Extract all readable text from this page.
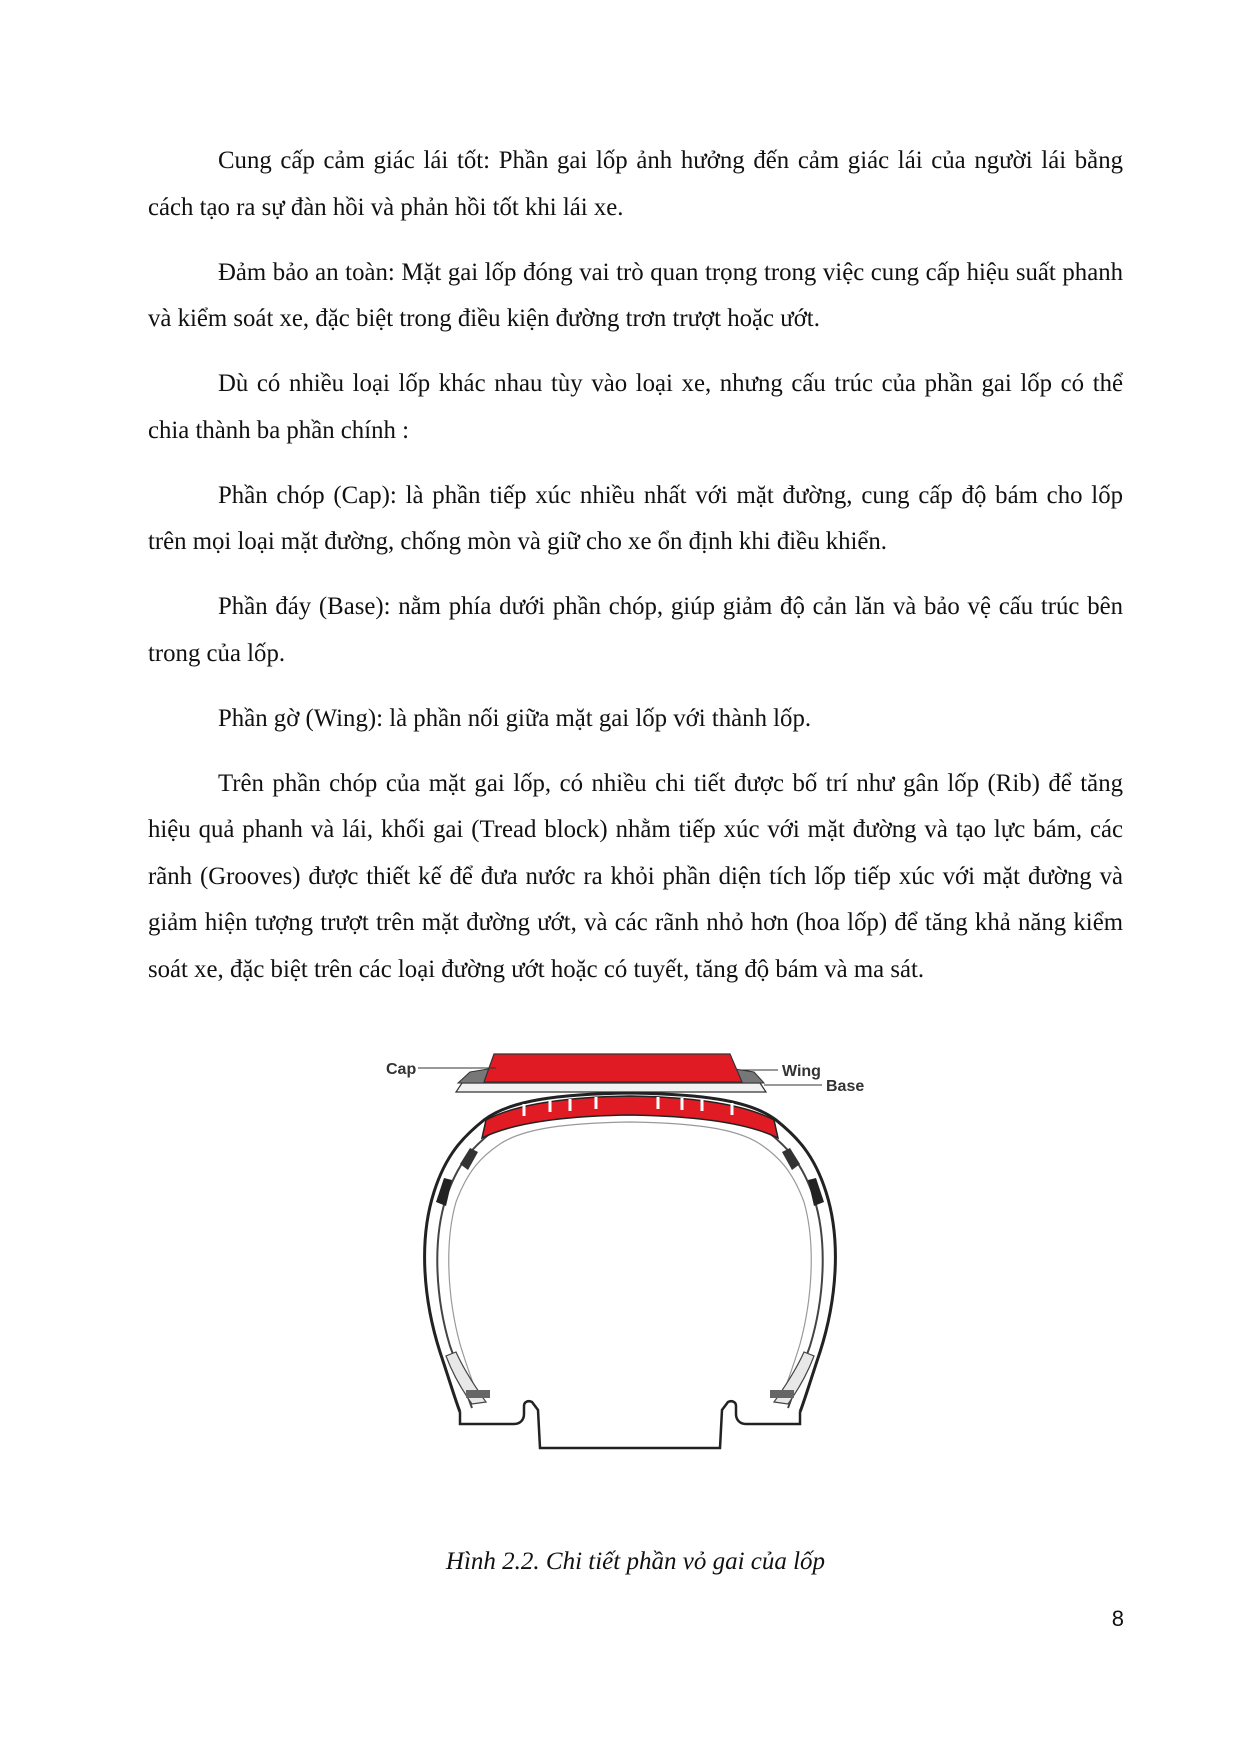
Cung cấp cảm giác lái tốt: Phần gai lốp ảnh hưởng đến cảm giác lái của người lái bằng cách tạo ra sự đàn hồi và phản hồi tốt khi lái xe.

Đảm bảo an toàn: Mặt gai lốp đóng vai trò quan trọng trong việc cung cấp hiệu suất phanh và kiểm soát xe, đặc biệt trong điều kiện đường trơn trượt hoặc ướt.

Dù có nhiều loại lốp khác nhau tùy vào loại xe, nhưng cấu trúc của phần gai lốp có thể chia thành ba phần chính :

Phần chóp (Cap): là phần tiếp xúc nhiều nhất với mặt đường, cung cấp độ bám cho lốp trên mọi loại mặt đường, chống mòn và giữ cho xe ổn định khi điều khiển.

Phần đáy (Base): nằm phía dưới phần chóp, giúp giảm độ cản lăn và bảo vệ cấu trúc bên trong của lốp.

Phần gờ (Wing): là phần nối giữa mặt gai lốp với thành lốp.

Trên phần chóp của mặt gai lốp, có nhiều chi tiết được bố trí như gân lốp (Rib) để tăng hiệu quả phanh và lái, khối gai (Tread block) nhằm tiếp xúc với mặt đường và tạo lực bám, các rãnh (Grooves) được thiết kế để đưa nước ra khỏi phần diện tích lốp tiếp xúc với mặt đường và giảm hiện tượng trượt trên mặt đường ướt, và các rãnh nhỏ hơn (hoa lốp) để tăng khả năng kiểm soát xe, đặc biệt trên các loại đường ướt hoặc có tuyết, tăng độ bám và ma sát.

Cap	Wing
Base
Hình 2.2. Chi tiết phần vỏ gai của lốp
8
